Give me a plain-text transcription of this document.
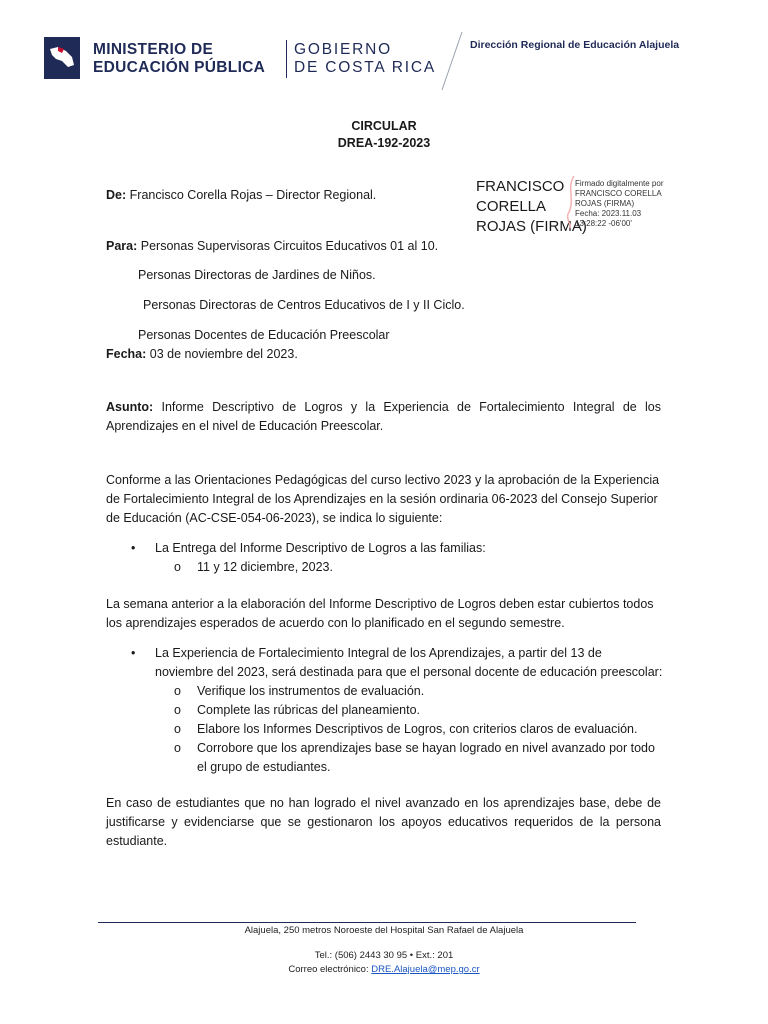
MINISTERIO DE
EDUCACIÓN PÚBLICA
GOBIERNO
DE COSTA RICA
Dirección Regional de Educación Alajuela
CIRCULAR
DREA-192-2023
De: Francisco Corella Rojas – Director Regional.	FRANCISCO
CORELLA
ROJAS (FIRMA)
Firmado digitalmente por
FRANCISCO CORELLA
ROJAS (FIRMA)
Fecha: 2023.11.03
13:28:22 -06'00'
Para: Personas Supervisoras Circuitos Educativos 01 al 10.
Personas Directoras de Jardines de Niños.
Personas Directoras de Centros Educativos de I y II Ciclo.
Personas Docentes de Educación Preescolar
Fecha: 03 de noviembre del 2023.
Asunto: Informe Descriptivo de Logros y la Experiencia de Fortalecimiento Integral de los Aprendizajes en el nivel de Educación Preescolar.
Conforme a las Orientaciones Pedagógicas del curso lectivo 2023 y la aprobación de la Experiencia de Fortalecimiento Integral de los Aprendizajes en la sesión ordinaria 06-2023 del Consejo Superior de Educación (AC-CSE-054-06-2023), se indica lo siguiente:
• La Entrega del Informe Descriptivo de Logros a las familias:
o 11 y 12 diciembre, 2023.
La semana anterior a la elaboración del Informe Descriptivo de Logros deben estar cubiertos todos los aprendizajes esperados de acuerdo con lo planificado en el segundo semestre.
• La Experiencia de Fortalecimiento Integral de los Aprendizajes, a partir del 13 de noviembre del 2023, será destinada para que el personal docente de educación preescolar:
o Verifique los instrumentos de evaluación.
o Complete las rúbricas del planeamiento.
o Elabore los Informes Descriptivos de Logros, con criterios claros de evaluación.
o Corrobore que los aprendizajes base se hayan logrado en nivel avanzado por todo el grupo de estudiantes.
En caso de estudiantes que no han logrado el nivel avanzado en los aprendizajes base, debe de justificarse y evidenciarse que se gestionaron los apoyos educativos requeridos de la persona estudiante.
Alajuela, 250 metros Noroeste del Hospital San Rafael de Alajuela
Tel.: (506) 2443 30 95 • Ext.: 201
Correo electrónico: DRE.Alajuela@mep.go.cr
